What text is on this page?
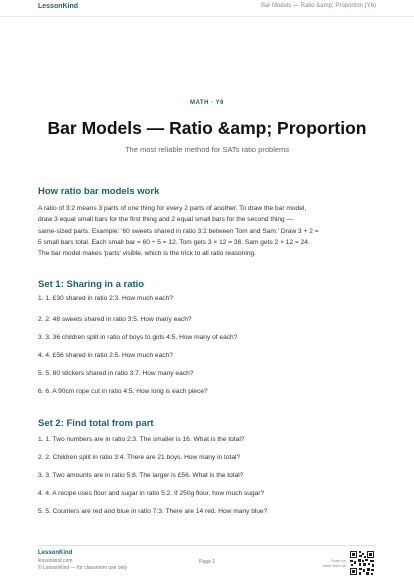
LessonKind	Bar Models — Ratio &amp; Proportion (Y6)
MATH · Y6
Bar Models — Ratio &amp; Proportion
The most reliable method for SATs ratio problems
How ratio bar models work
A ratio of 3:2 means 3 parts of one thing for every 2 parts of another. To draw the bar model,
draw 3 equal small bars for the first thing and 2 equal small bars for the second thing —
same-sized parts. Example: '60 sweets shared in ratio 3:2 between Tom and Sam.' Draw 3 + 2 =
5 small bars total. Each small bar = 60 ÷ 5 = 12. Tom gets 3 × 12 = 36. Sam gets 2 × 12 = 24.
The bar model makes 'parts' visible, which is the trick to all ratio reasoning.
Set 1: Sharing in a ratio
1. 1. £30 shared in ratio 2:3. How much each?
2. 2. 48 sweets shared in ratio 3:5. How many each?
3. 3. 36 children split in ratio of boys to girls 4:5. How many of each?
4. 4. £56 shared in ratio 2:5. How much each?
5. 5. 80 stickers shared in ratio 3:7. How many each?
6. 6. A 90cm rope cut in ratio 4:5. How long is each piece?
Set 2: Find total from part
1. 1. Two numbers are in ratio 2:3. The smaller is 16. What is the total?
2. 2. Children split in ratio 3:4. There are 21 boys. How many in total?
3. 3. Two amounts are in ratio 5:8. The larger is £56. What is the total?
4. 4. A recipe uses flour and sugar in ratio 5:2. If 250g flour, how much sugar?
5. 5. Counters are red and blue in ratio 7:3. There are 14 red. How many blue?
LessonKind
lessonkind.com
© LessonKind — for classroom use only
Page 1	Scan for
more from us
